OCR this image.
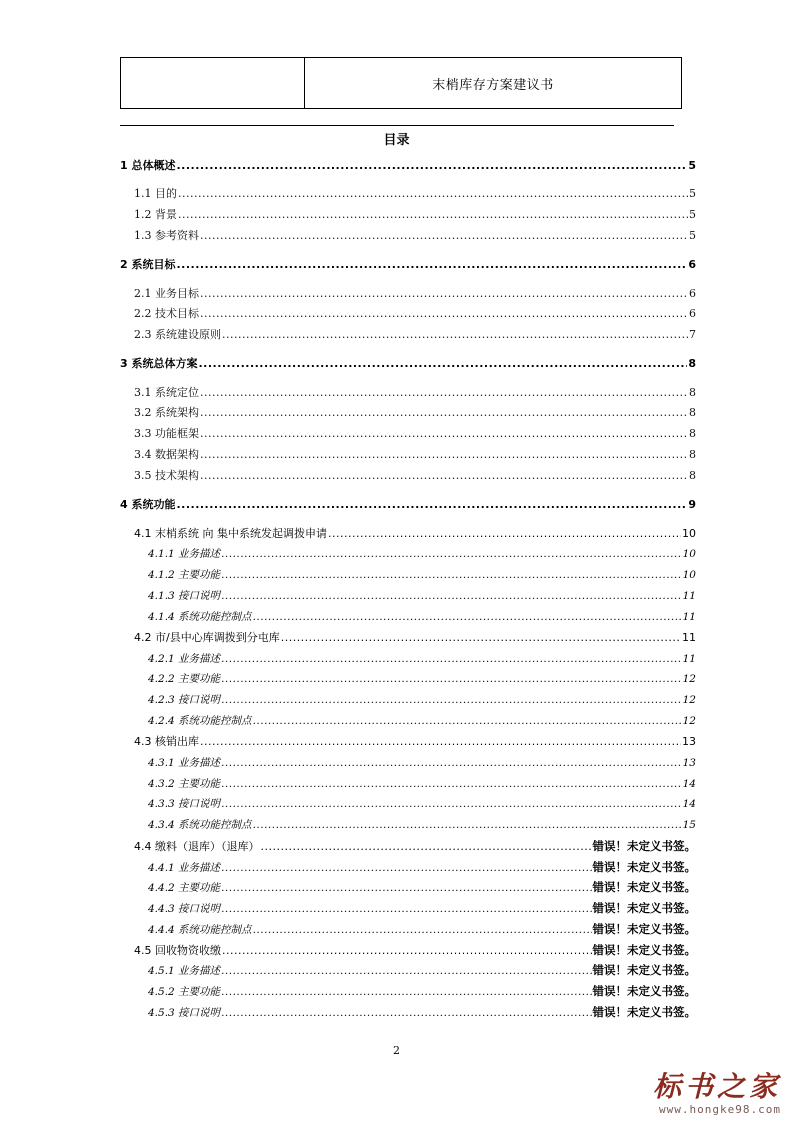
末梢库存方案建议书
目录
1 总体概述 .....	5
1.1 目的 .....	5
1.2 背景 .....	5
1.3 参考资料 .....	5
2 系统目标 .....	6
2.1 业务目标 .....	6
2.2 技术目标 .....	6
2.3 系统建设原则 .....	7
3 系统总体方案 .....	8
3.1 系统定位 .....	8
3.2 系统架构 .....	8
3.3 功能框架 .....	8
3.4 数据架构 .....	8
3.5 技术架构 .....	8
4 系统功能 .....	9
4.1 末梢系统 向 集中系统发起调拨申请 .....	10
4.1.1 业务描述 .....	10
4.1.2 主要功能 .....	10
4.1.3 接口说明 .....	11
4.1.4 系统功能控制点 .....	11
4.2 市/县中心库调拨到分屯库 .....	11
4.2.1 业务描述 .....	11
4.2.2 主要功能 .....	12
4.2.3 接口说明 .....	12
4.2.4 系统功能控制点 .....	12
4.3 核销出库 .....	13
4.3.1 业务描述 .....	13
4.3.2 主要功能 .....	14
4.3.3 接口说明 .....	14
4.3.4 系统功能控制点 .....	15
4.4 缴料（退库）（退库） .....	错误！未定义书签。
4.4.1 业务描述 .....	错误！未定义书签。
4.4.2 主要功能 .....	错误！未定义书签。
4.4.3 接口说明 .....	错误！未定义书签。
4.4.4 系统功能控制点 .....	错误！未定义书签。
4.5 回收物资收缴 .....	错误！未定义书签。
4.5.1 业务描述 .....	错误！未定义书签。
4.5.2 主要功能 .....	错误！未定义书签。
4.5.3 接口说明 .....	错误！未定义书签。
2
标书之家
www.hongke98.com
